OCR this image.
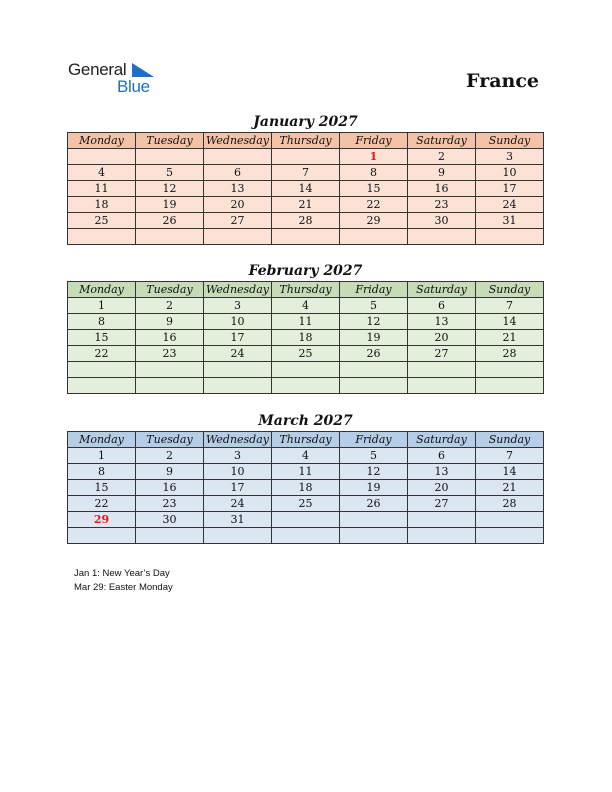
General
Blue	France
January 2027
Monday	Tuesday	Wednesday	Thursday	Friday	Saturday	Sunday
				1	2	3
4	5	6	7	8	9	10
11	12	13	14	15	16	17
18	19	20	21	22	23	24
25	26	27	28	29	30	31

February 2027
Monday	Tuesday	Wednesday	Thursday	Friday	Saturday	Sunday
1	2	3	4	5	6	7
8	9	10	11	12	13	14
15	16	17	18	19	20	21
22	23	24	25	26	27	28

March 2027
Monday	Tuesday	Wednesday	Thursday	Friday	Saturday	Sunday
1	2	3	4	5	6	7
8	9	10	11	12	13	14
15	16	17	18	19	20	21
22	23	24	25	26	27	28
29	30	31				

Jan 1: New Year’s Day
Mar 29: Easter Monday
